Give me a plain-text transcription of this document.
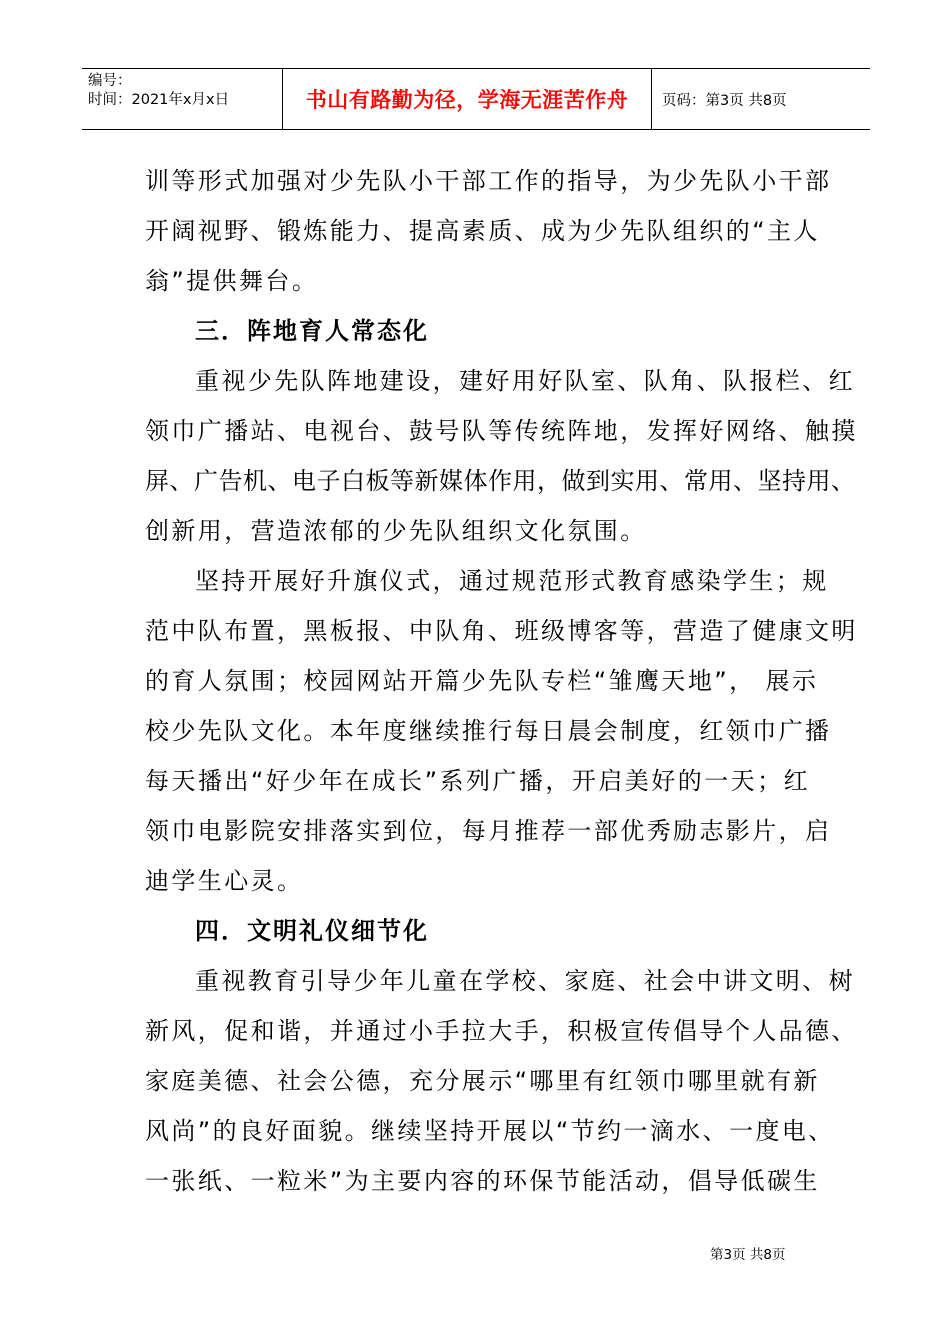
编号：
时间：2021年x月x日	书山有路勤为径，学海无涯苦作舟	页码：第3页 共8页
训等形式加强对少先队小干部工作的指导，为少先队小干部
开阔视野、锻炼能力、提高素质、成为少先队组织的“主人
翁”提供舞台。
三．阵地育人常态化
重视少先队阵地建设，建好用好队室、队角、队报栏、红
领巾广播站、电视台、鼓号队等传统阵地，发挥好网络、触摸
屏、广告机、电子白板等新媒体作用，做到实用、常用、坚持用、
创新用，营造浓郁的少先队组织文化氛围。
坚持开展好升旗仪式，通过规范形式教育感染学生；规
范中队布置，黑板报、中队角、班级博客等，营造了健康文明
的育人氛围；校园网站开篇少先队专栏“雏鹰天地”， 展示
校少先队文化。本年度继续推行每日晨会制度，红领巾广播
每天播出“好少年在成长”系列广播，开启美好的一天；红
领巾电影院安排落实到位，每月推荐一部优秀励志影片，启
迪学生心灵。
四．文明礼仪细节化
重视教育引导少年儿童在学校、家庭、社会中讲文明、树
新风，促和谐，并通过小手拉大手，积极宣传倡导个人品德、
家庭美德、社会公德，充分展示“哪里有红领巾哪里就有新
风尚”的良好面貌。继续坚持开展以“节约一滴水、一度电、
一张纸、一粒米”为主要内容的环保节能活动，倡导低碳生
第3页 共8页
